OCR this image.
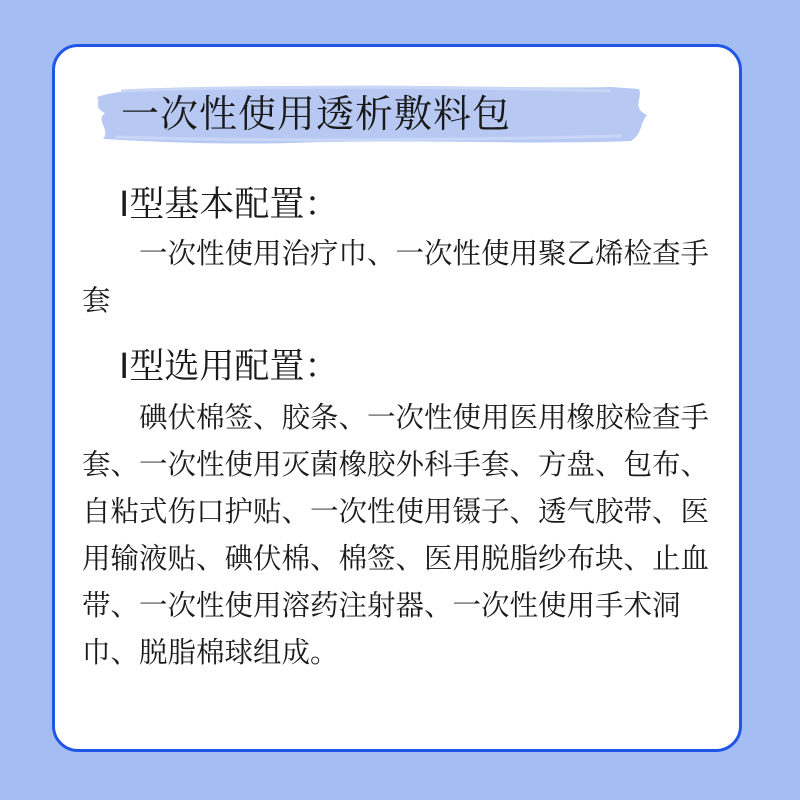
一次性使用透析敷料包
Ⅰ型基本配置：

一次性使用治疗巾、一次性使用聚乙烯检查手套

Ⅰ型选用配置：

碘伏棉签、胶条、一次性使用医用橡胶检查手套、一次性使用灭菌橡胶外科手套、方盘、包布、自粘式伤口护贴、一次性使用镊子、透气胶带、医用输液贴、碘伏棉、棉签、医用脱脂纱布块、止血带、一次性使用溶药注射器、一次性使用手术洞巾、脱脂棉球组成。
